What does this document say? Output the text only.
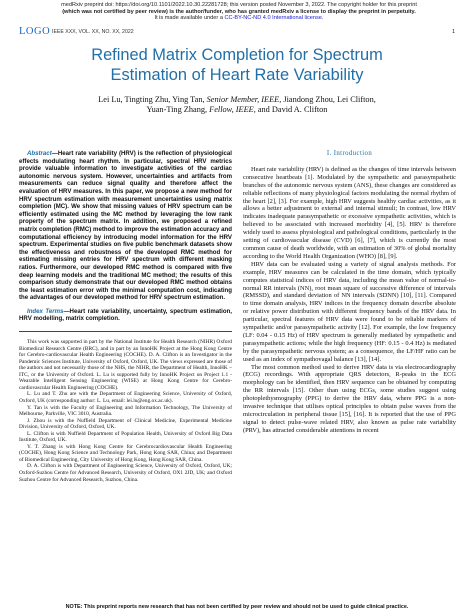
medRxiv preprint doi: https://doi.org/10.1101/2022.10.30.22281728; this version posted November 3, 2022. The copyright holder for this preprint
(which was not certified by peer review) is the author/funder, who has granted medRxiv a license to display the preprint in perpetuity.
It is made available under a CC-BY-NC-ND 4.0 International license.
LOGO IEEE XXX, VOL. XX, NO. XX, 2022	1
Refined Matrix Completion for Spectrum
Estimation of Heart Rate Variability
Lei Lu, Tingting Zhu, Ying Tan, Senior Member, IEEE, Jiandong Zhou, Lei Clifton,
Yuan-Ting Zhang, Fellow, IEEE, and David A. Clifton
Abstract—Heart rate variability (HRV) is the reflection of physiological effects modulating heart rhythm. In particular, spectral HRV metrics provide valuable information to investigate activities of the cardiac autonomic nervous system. However, uncertainties and artifacts from measurements can reduce signal quality and therefore affect the evaluation of HRV measures. In this paper, we propose a new method for HRV spectrum estimation with measurement uncertainties using matrix completion (MC). We show that missing values of HRV spectrum can be efficiently estimated using the MC method by leveraging the low rank property of the spectrum matrix. In addition, we proposed a refined matrix completion (RMC) method to improve the estimation accuracy and computational efficiency by introducing model information for the HRV spectrum. Experimental studies on five public benchmark datasets show the effectiveness and robustness of the developed RMC method for estimating missing entries for HRV spectrum with different masking ratios. Furthermore, our developed RMC method is compared with five deep learning models and the traditional MC method; the results of this comparison study demonstrate that our developed RMC method obtains the least estimation error with the minimal computation cost, indicating the advantages of our developed method for HRV spectrum estimation.
Index Terms—Heart rate variability, uncertainty, spectrum estimation, HRV modelling, matrix completion.

This work was supported in part by the National Institute for Health Research (NIHR) Oxford Biomedical Research Centre (BRC), and in part by an InnoHK Project at the Hong Kong Centre for Cerebro-cardiovascular Health Engineering (COCHE). D. A. Clifton is an Investigator in the Pandemic Sciences Institute, University of Oxford, Oxford, UK. The views expressed are those of the authors and not necessarily those of the NHS, the NIHR, the Department of Health, InnoHK – ITC, or the University of Oxford. L. Lu is supported fully by InnoHK Project on Project 1.1 - Wearable Intelligent Sensing Engineering (WISE) at Hong Kong Centre for Cerebro-cardiovascular Health Engineering (COCHE).

L. Lu and T. Zhu are with the Department of Engineering Science, University of Oxford, Oxford, UK (corresponding author: L. Lu, email: lei.lu@eng.ox.ac.uk).

Y. Tan is with the Faculty of Engineering and Information Technology, The University of Melbourne, Parkville, VIC 3010, Australia.

J. Zhou is with the Nuffield Department of Clinical Medicine, Experimental Medicine Division, University of Oxford, Oxford, UK.

L. Clifton is with Nuffield Department of Population Health, University of Oxford Big Data Institute, Oxford, UK.

Y. T. Zhang is with Hong Kong Centre for Cerebrocardiovascular Health Engineering (COCHE), Hong Kong Science and Technology Park, Hong Kong SAR, China; and Department of Biomedical Engineering, City University of Hong Kong, Hong Kong SAR, China.

D. A. Clifton is with Department of Engineering Science, University of Oxford, Oxford, UK; Oxford-Suzhou Centre for Advanced Research, University of Oxford, OX1 2JD, UK; and Oxford Suzhou Centre for Advanced Research, Suzhou, China.

I. Introduction

Heart rate variability (HRV) is defined as the changes of time intervals between consecutive heartbeats [1]. Modulated by the sympathetic and parasympathetic branches of the autonomic nervous system (ANS), these changes are considered as reliable reflections of many physiological factors modulating the normal rhythm of the heart [2], [3]. For example, high HRV suggests healthy cardiac activities, as it allows a better adjustment to external and internal stimuli; In contrast, low HRV indicates inadequate parasympathetic or excessive sympathetic activities, which is believed to be associated with increased morbidity [4], [5]. HRV is therefore widely used to assess physiological and pathological conditions, particularly in the setting of cardiovascular disease (CVD) [6], [7], which is currently the most common cause of death worldwide, with an estimation of 30% of global mortality according to the World Health Organization (WHO) [8], [9].

HRV data can be evaluated using a variety of signal analysis methods. For example, HRV measures can be calculated in the time domain, which typically computes statistical indices of HRV data, including the mean value of normal-to-normal RR intervals (NN), root mean square of successive difference of intervals (RMSSD), and standard deviation of NN intervals (SDNN) [10], [11]. Compared to time domain analysis, HRV indices in the frequency domain describe absolute or relative power distribution with different frequency bands of the HRV data. In particular, spectral features of HRV data were found to be reliable markers of sympathetic and/or parasympathetic activity [12]. For example, the low frequency (LF: 0.04 - 0.15 Hz) of HRV spectrum is generally mediated by sympathetic and parasympathetic actions; while the high frequency (HF: 0.15 - 0.4 Hz) is mediated by the parasympathetic nervous system; as a consequence, the LF/HF ratio can be used as an index of sympathovagal balance [13], [14].

The most common method used to derive HRV data is via electrocardiography (ECG) recordings. With appropriate QRS detectors, R-peaks in the ECG morphology can be identified, then HRV sequence can be obtained by computing the RR intervals [15]. Other than using ECGs, some studies suggest using photoplethysmography (PPG) to derive the HRV data, where PPG is a non-invasive technique that utilises optical principles to obtain pulse waves from the microcirculation in peripheral tissue [15], [16]. It is reported that the use of PPG signal to detect pulse-wave related HRV, also known as pulse rate variability (PRV), has attracted considerable attentions in recent

NOTE: This preprint reports new research that has not been certified by peer review and should not be used to guide clinical practice.
